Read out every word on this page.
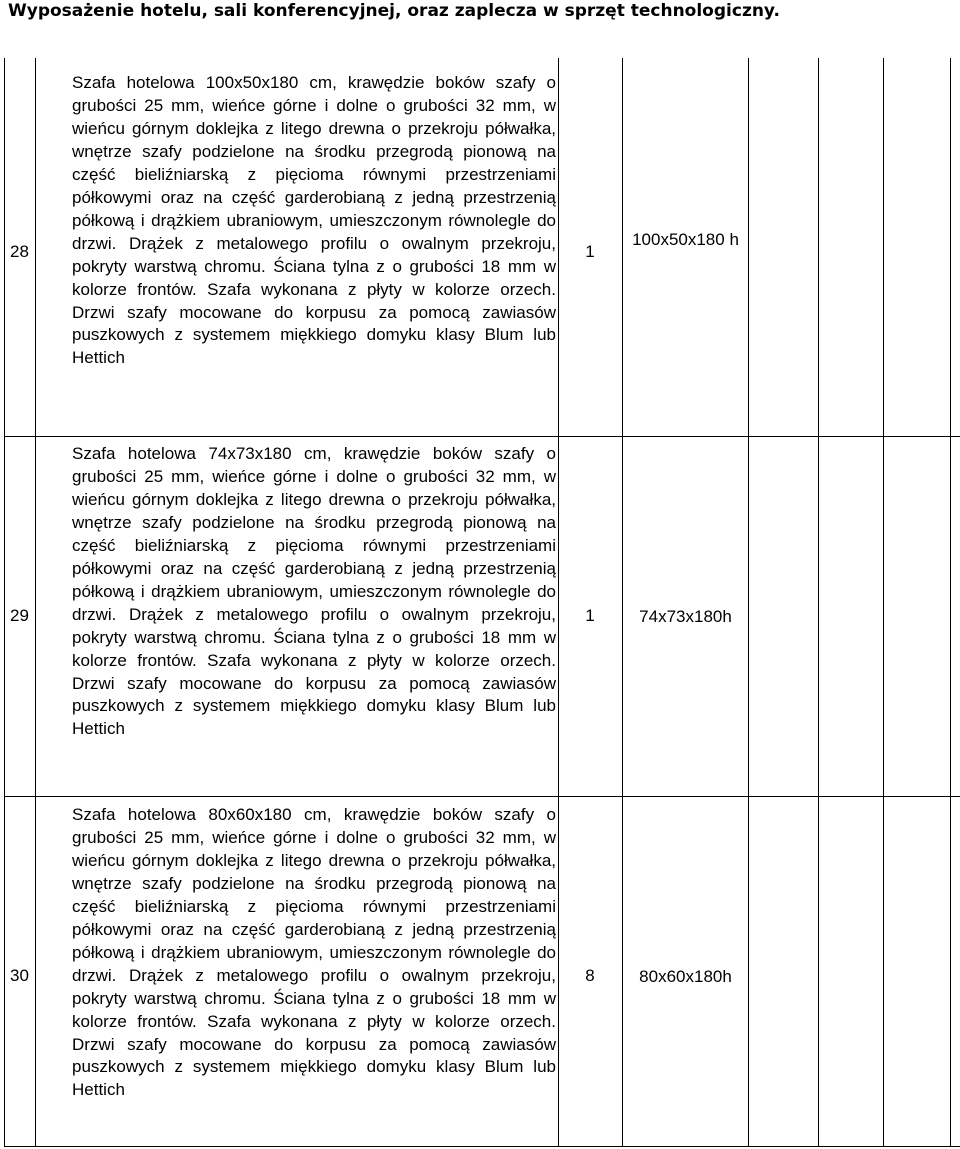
Wyposażenie hotelu, sali konferencyjnej, oraz zaplecza w sprzęt technologiczny.
28
Szafa hotelowa 100x50x180 cm, krawędzie boków szafy o grubości 25 mm, wieńce górne i dolne o grubości 32 mm, w wieńcu górnym doklejka z litego drewna o przekroju półwałka, wnętrze szafy podzielone na środku przegrodą pionową na część bieliźniarską z pięcioma równymi przestrzeniami półkowymi oraz na część garderobianą z jedną przestrzenią półkową i drążkiem ubraniowym, umieszczonym równolegle do drzwi. Drążek z metalowego profilu o owalnym przekroju, pokryty warstwą chromu. Ściana tylna z o grubości 18 mm w kolorze frontów. Szafa wykonana z płyty w kolorze orzech. Drzwi szafy mocowane do korpusu za pomocą zawiasów puszkowych z systemem miękkiego domyku klasy Blum lub Hettich
1
100x50x180 h
29
Szafa hotelowa 74x73x180 cm, krawędzie boków szafy o grubości 25 mm, wieńce górne i dolne o grubości 32 mm, w wieńcu górnym doklejka z litego drewna o przekroju półwałka, wnętrze szafy podzielone na środku przegrodą pionową na część bieliźniarską z pięcioma równymi przestrzeniami półkowymi oraz na część garderobianą z jedną przestrzenią półkową i drążkiem ubraniowym, umieszczonym równolegle do drzwi. Drążek z metalowego profilu o owalnym przekroju, pokryty warstwą chromu. Ściana tylna z o grubości 18 mm w kolorze frontów. Szafa wykonana z płyty w kolorze orzech. Drzwi szafy mocowane do korpusu za pomocą zawiasów puszkowych z systemem miękkiego domyku klasy Blum lub Hettich
1	74x73x180h
30
Szafa hotelowa 80x60x180 cm, krawędzie boków szafy o grubości 25 mm, wieńce górne i dolne o grubości 32 mm, w wieńcu górnym doklejka z litego drewna o przekroju półwałka, wnętrze szafy podzielone na środku przegrodą pionową na część bieliźniarską z pięcioma równymi przestrzeniami półkowymi oraz na część garderobianą z jedną przestrzenią półkową i drążkiem ubraniowym, umieszczonym równolegle do drzwi. Drążek z metalowego profilu o owalnym przekroju, pokryty warstwą chromu. Ściana tylna z o grubości 18 mm w kolorze frontów. Szafa wykonana z płyty w kolorze orzech. Drzwi szafy mocowane do korpusu za pomocą zawiasów puszkowych z systemem miękkiego domyku klasy Blum lub Hettich
8	80x60x180h
